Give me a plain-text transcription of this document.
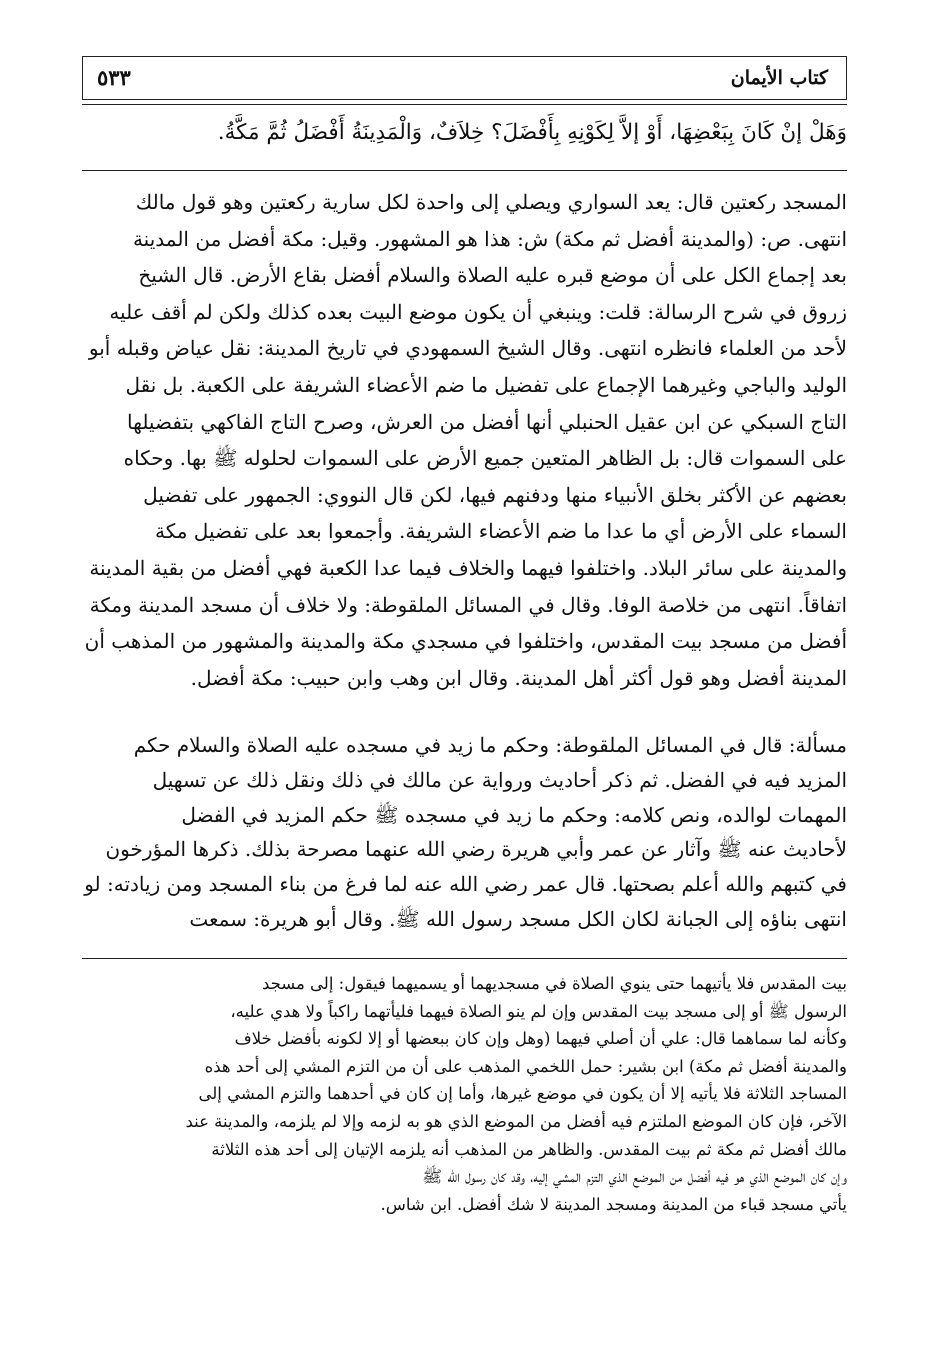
كتاب الأيمان
٥٣٣
وَهَلْ إنْ كَانَ بِبَعْضِهَا، أَوْ إلاَّ لِكَوْنِهِ بِأَفْضَلَ؟ خِلاَفٌ، وَالْمَدِينَةُ أَفْضَلُ ثُمَّ مَكَّةُ.
المسجد ركعتين قال: يعد السواري ويصلي إلى واحدة لكل سارية ركعتين وهو قول مالك
انتهى. ص: (والمدينة أفضل ثم مكة) ش: هذا هو المشهور. وقيل: مكة أفضل من المدينة
بعد إجماع الكل على أن موضع قبره عليه الصلاة والسلام أفضل بقاع الأرض. قال الشيخ
زروق في شرح الرسالة: قلت: وينبغي أن يكون موضع البيت بعده كذلك ولكن لم أقف عليه
لأحد من العلماء فانظره انتهى. وقال الشيخ السمهودي في تاريخ المدينة: نقل عياض وقبله أبو
الوليد والباجي وغيرهما الإجماع على تفضيل ما ضم الأعضاء الشريفة على الكعبة. بل نقل
التاج السبكي عن ابن عقيل الحنبلي أنها أفضل من العرش، وصرح التاج الفاكهي بتفضيلها
على السموات قال: بل الظاهر المتعين جميع الأرض على السموات لحلوله ﷺ بها. وحكاه
بعضهم عن الأكثر بخلق الأنبياء منها ودفنهم فيها، لكن قال النووي: الجمهور على تفضيل
السماء على الأرض أي ما عدا ما ضم الأعضاء الشريفة. وأجمعوا بعد على تفضيل مكة
والمدينة على سائر البلاد. واختلفوا فيهما والخلاف فيما عدا الكعبة فهي أفضل من بقية المدينة
اتفاقاً. انتهى من خلاصة الوفا. وقال في المسائل الملقوطة: ولا خلاف أن مسجد المدينة ومكة
أفضل من مسجد بيت المقدس، واختلفوا في مسجدي مكة والمدينة والمشهور من المذهب أن
المدينة أفضل وهو قول أكثر أهل المدينة. وقال ابن وهب وابن حبيب: مكة أفضل.
مسألة: قال في المسائل الملقوطة: وحكم ما زيد في مسجده عليه الصلاة والسلام حكم
المزيد فيه في الفضل. ثم ذكر أحاديث ورواية عن مالك في ذلك ونقل ذلك عن تسهيل
المهمات لوالده، ونص كلامه: وحكم ما زيد في مسجده ﷺ حكم المزيد في الفضل
لأحاديث عنه ﷺ وآثار عن عمر وأبي هريرة رضي الله عنهما مصرحة بذلك. ذكرها المؤرخون
في كتبهم والله أعلم بصحتها. قال عمر رضي الله عنه لما فرغ من بناء المسجد ومن زيادته: لو
انتهى بناؤه إلى الجبانة لكان الكل مسجد رسول الله ﷺ. وقال أبو هريرة: سمعت
بيت المقدس فلا يأتيهما حتى ينوي الصلاة في مسجديهما أو يسميهما فيقول: إلى مسجد
الرسول ﷺ أو إلى مسجد بيت المقدس وإن لم ينو الصلاة فيهما فليأتهما راكباً ولا هدي عليه،
وكأنه لما سماهما قال: علي أن أصلي فيهما (وهل وإن كان ببعضها أو إلا لكونه بأفضل خلاف
والمدينة أفضل ثم مكة) ابن بشير: حمل اللخمي المذهب على أن من التزم المشي إلى أحد هذه
المساجد الثلاثة فلا يأتيه إلا أن يكون في موضع غيرها، وأما إن كان في أحدهما والتزم المشي إلى
الآخر، فإن كان الموضع الملتزم فيه أفضل من الموضع الذي هو به لزمه وإلا لم يلزمه، والمدينة عند
مالك أفضل ثم مكة ثم بيت المقدس. والظاهر من المذهب أنه يلزمه الإتيان إلى أحد هذه الثلاثة
وإن كان الموضع الذي هو فيه أفضل من الموضع الذي التزم المشي إليه، وقد كان رسول الله ﷺ
يأتي مسجد قباء من المدينة ومسجد المدينة لا شك أفضل. ابن شاس.
